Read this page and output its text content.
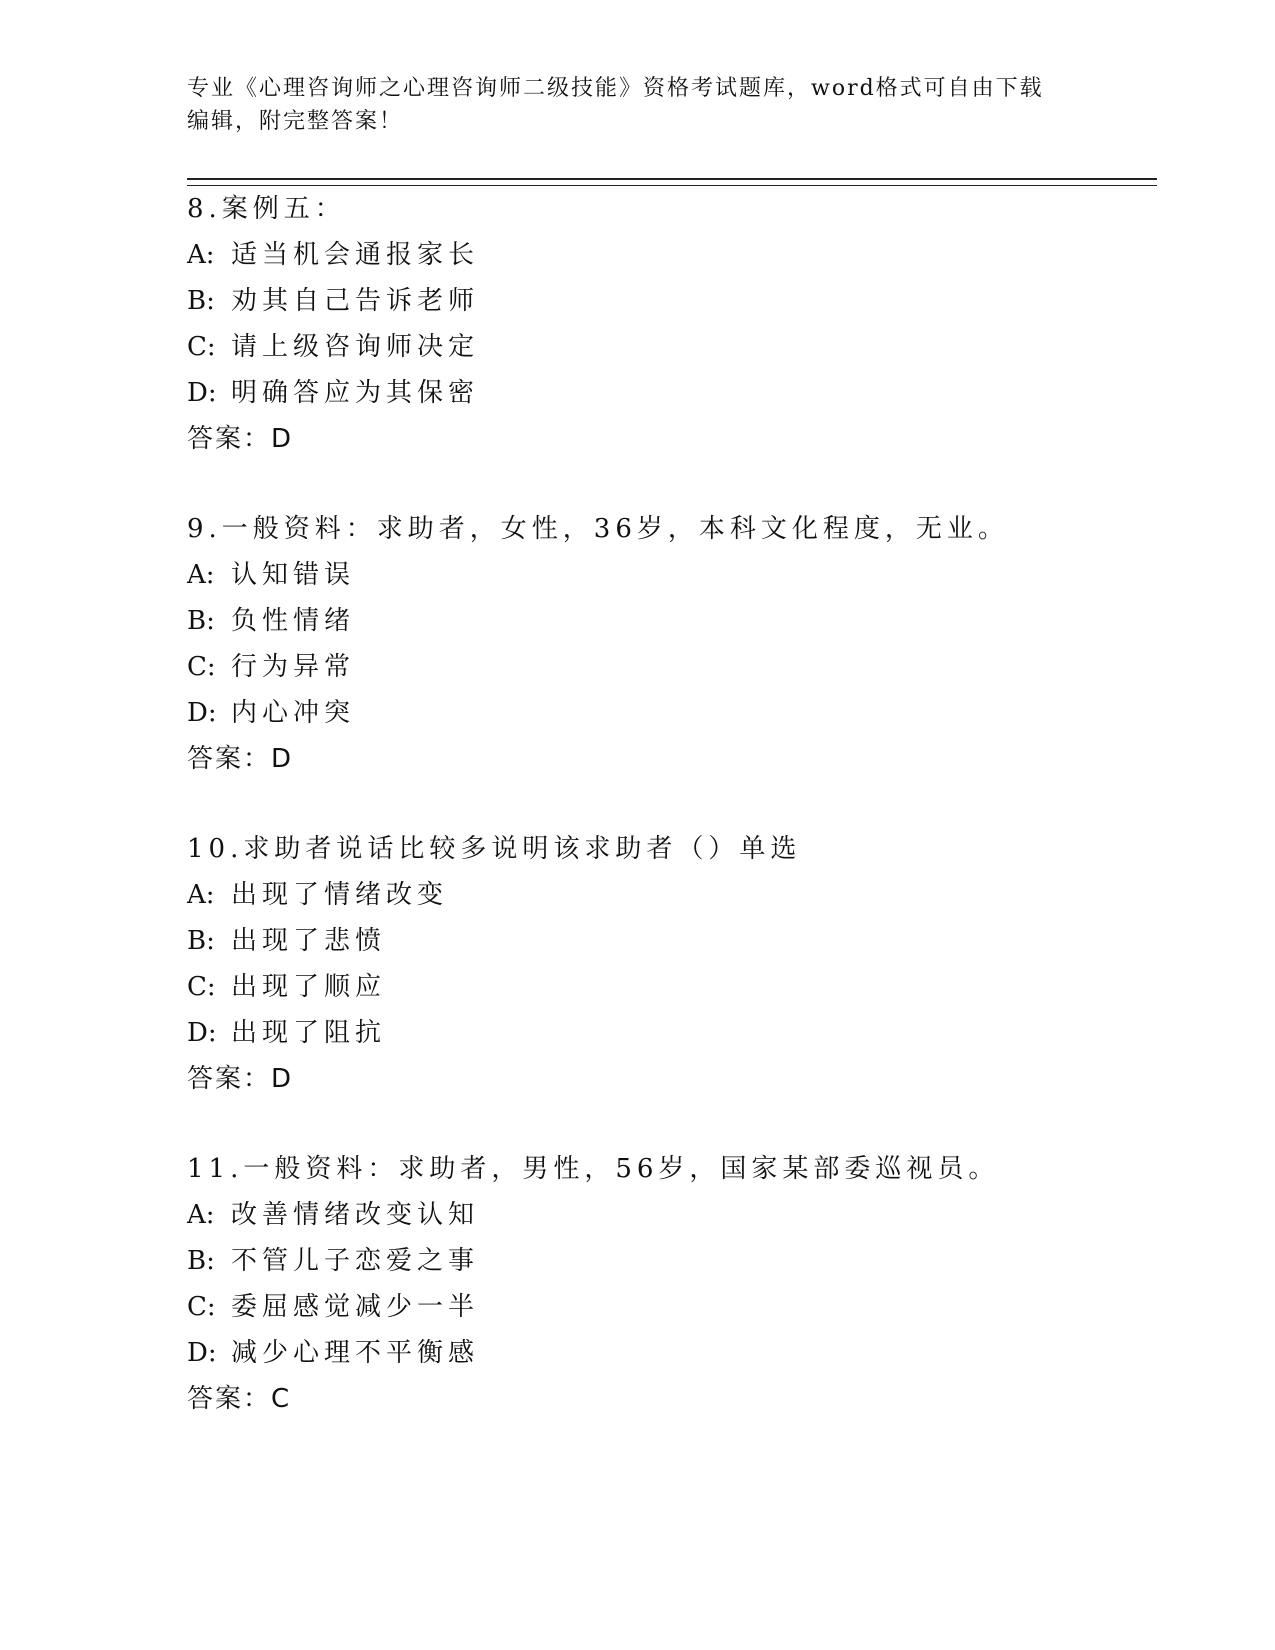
专业《心理咨询师之心理咨询师二级技能》资格考试题库，word格式可自由下载
编辑，附完整答案！

8.案例五：
A: 适当机会通报家长
B: 劝其自己告诉老师
C: 请上级咨询师决定
D: 明确答应为其保密
答案：D
9.一般资料：求助者，女性，36岁，本科文化程度，无业。
A: 认知错误
B: 负性情绪
C: 行为异常
D: 内心冲突
答案：D
10.求助者说话比较多说明该求助者（）单选
A: 出现了情绪改变
B: 出现了悲愤
C: 出现了顺应
D: 出现了阻抗
答案：D
11.一般资料：求助者，男性，56岁，国家某部委巡视员。
A: 改善情绪改变认知
B: 不管儿子恋爱之事
C: 委屈感觉减少一半
D: 减少心理不平衡感
答案：C
